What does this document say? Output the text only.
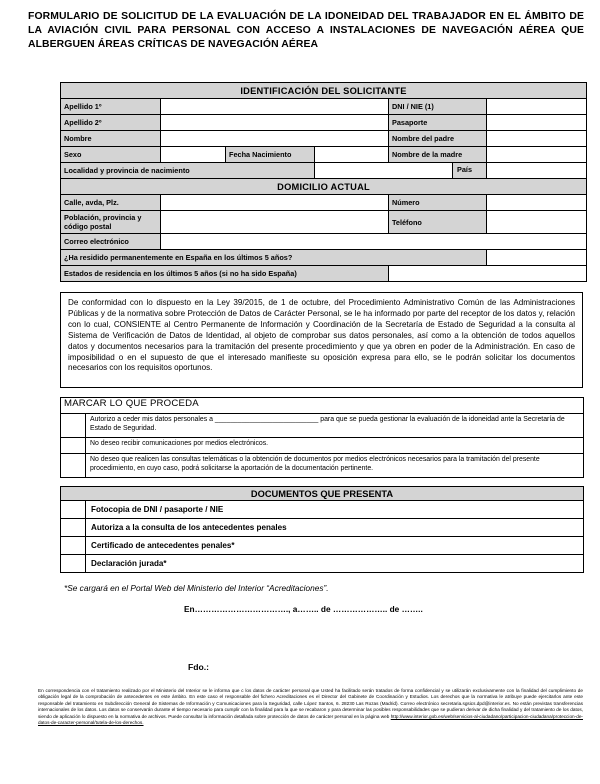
FORMULARIO DE SOLICITUD DE LA EVALUACIÓN DE LA IDONEIDAD DEL TRABAJADOR EN EL ÁMBITO DE LA AVIACIÓN CIVIL PARA PERSONAL CON ACCESO A INSTALACIONES DE NAVEGACIÓN AÉREA QUE ALBERGUEN ÁREAS CRÍTICAS DE NAVEGACIÓN AÉREA
IDENTIFICACIÓN DEL SOLICITANTE					
Apellido 1º				DNI / NIE (1)	
Apellido 2º				Pasaporte	
Nombre				Nombre del padre	
Sexo		Fecha Nacimiento		Nombre de la madre	
Localidad y provincia de nacimiento			País		

DOMICILIO ACTUAL					
Calle, avda, Plz.				Número	
Población, provincia y código postal				Teléfono	
Correo electrónico					
¿Ha residido permanentemente en España en los últimos 5 años?					
Estados de residencia en los últimos 5 años (si no ha sido España)					
De conformidad con lo dispuesto en la Ley 39/2015, de 1 de octubre, del Procedimiento Administrativo Común de las Administraciones Públicas y de la normativa sobre Protección de Datos de Carácter Personal, se le ha informado por parte del receptor de los datos y, relación con lo cual, CONSIENTE al Centro Permanente de Información y Coordinación de la Secretaría de Estado de Seguridad a la consulta al Sistema de Verificación de Datos de Identidad, al objeto de comprobar sus datos personales, así como a la obtención de todos aquellos datos y documentos necesarios para la tramitación del presente procedimiento y que ya obren en poder de la Administración. En caso de imposibilidad o en el supuesto de que el interesado manifieste su oposición expresa para ello, se le podrán solicitar los documentos necesarios con los requisitos oportunos.
MARCAR LO QUE PROCEDA	
	Autorizo a ceder mis datos personales a ___________________________ para que se pueda gestionar la evaluación de la idoneidad ante la Secretaría de Estado de Seguridad.
	No deseo recibir comunicaciones por medios electrónicos.
	No deseo que realicen las consultas telemáticas o la obtención de documentos por medios electrónicos necesarios para la tramitación del presente procedimiento, en cuyo caso, podrá solicitarse la aportación de la documentación pertinente.
DOCUMENTOS QUE PRESENTA	
	Fotocopia de DNI / pasaporte / NIE
	Autoriza a la consulta de los antecedentes penales
	Certificado de antecedentes penales*
	Declaración jurada*
*Se cargará en el Portal Web del Ministerio del Interior “Acreditaciones”.
En……………………………., a…….. de ……………….. de ……..
Fdo.:
En correspondencia con el tratamiento realizado por el Ministerio del Interior se le informa que c los datos de carácter personal que Usted ha facilitado serán tratados de forma confidencial y se utilizarán exclusivamente con la finalidad del cumplimiento de obligación legal de la comprobación de antecedentes en este ámbito. En este caso el responsable del fichero Acreditaciones es el Director del Gabinete de Coordinación y Estudios. Los derechos que la normativa le atribuye puede ejercitarlos ante este responsable del tratamiento en Subdirección General de Sistemas de Información y Comunicaciones para la Seguridad, calle López Santos, 6. 28230 Las Rozas (Madrid). Correo electrónico secretaria.sgsics.dpd@interior.es. No están previstas transferencias internacionales de los datos. Los datos se conservarán durante el tiempo necesario para cumplir con la finalidad para la que se recabaron y para determinar las posibles responsabilidades que se pudieran derivar de dicha finalidad y del tratamiento de los datos, siendo de aplicación lo dispuesto en la normativa de archivos. Puede consultar la información detallada sobre protección de datos de carácter personal en la página web http://www.interior.gob.es/web/servicios-al-ciudadano/participacion-ciudadana/proteccion-de-datos-de-caracter-personal/tutela-de-los-derechos.
